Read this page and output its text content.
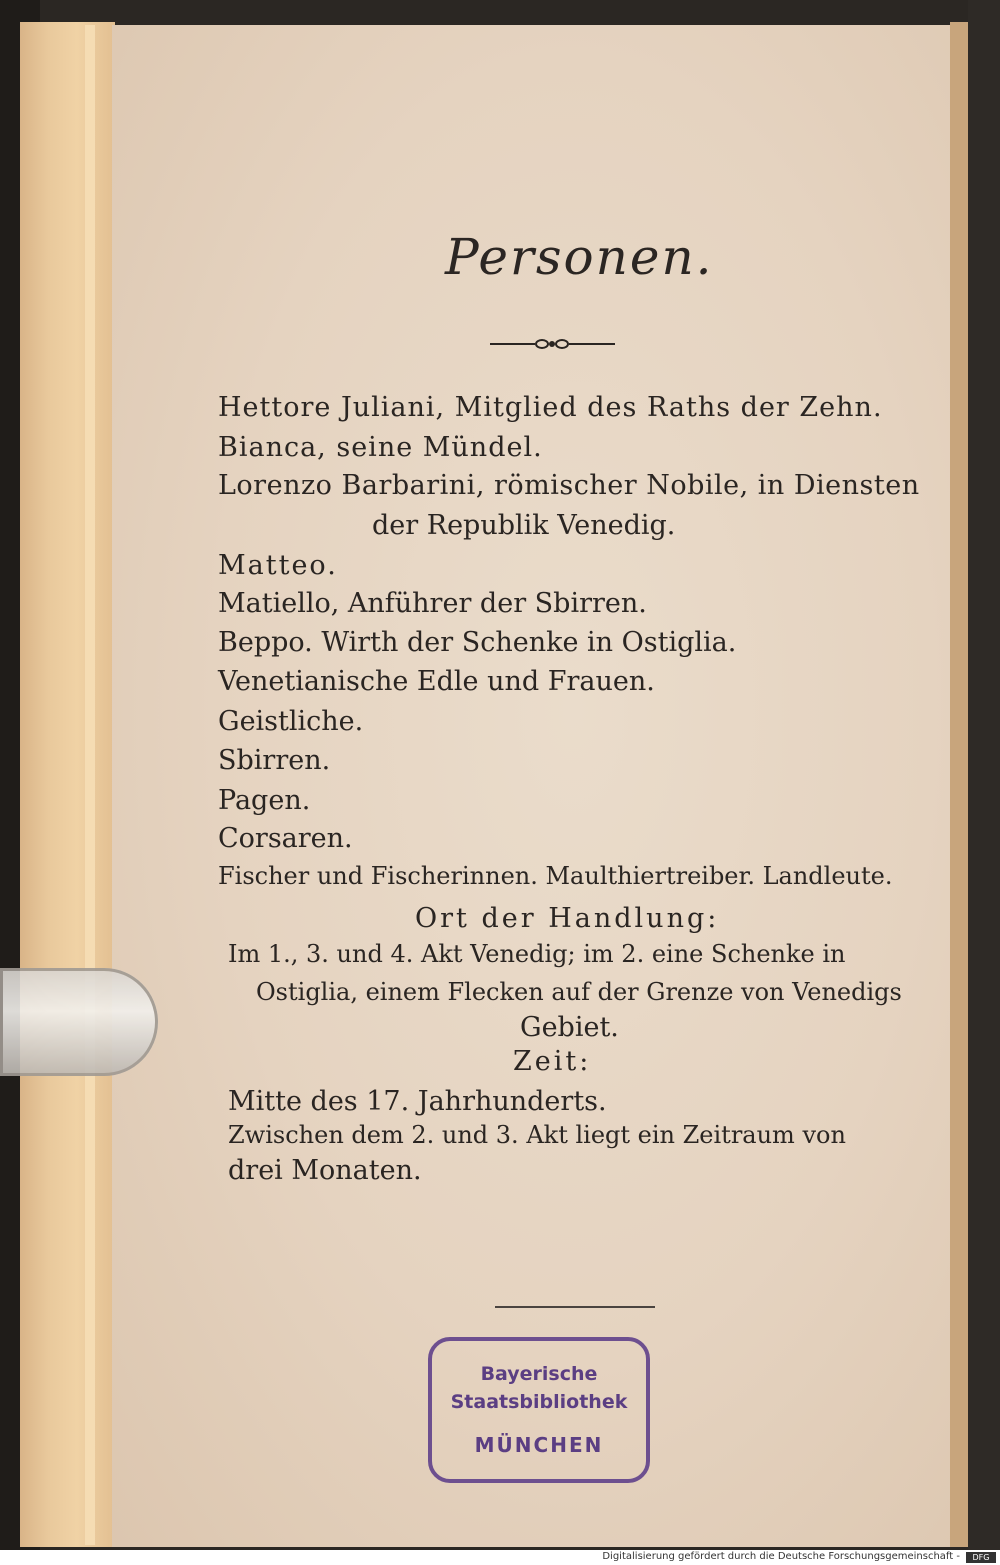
Personen.
Hettore Juliani, Mitglied des Raths der Zehn.
Bianca, seine Mündel.
Lorenzo Barbarini, römischer Nobile, in Diensten
der Republik Venedig.
Matteo.
Matiello, Anführer der Sbirren.
Beppo. Wirth der Schenke in Ostiglia.
Venetianische Edle und Frauen.
Geistliche.
Sbirren.
Pagen.
Corsaren.
Fischer und Fischerinnen. Maulthiertreiber. Landleute.
Ort der Handlung:
Im 1., 3. und 4. Akt Venedig; im 2. eine Schenke in
Ostiglia, einem Flecken auf der Grenze von Venedigs
Gebiet.
Zeit:
Mitte des 17. Jahrhunderts.
Zwischen dem 2. und 3. Akt liegt ein Zeitraum von
drei Monaten.
Bayerische
Staatsbibliothek
MÜNCHEN
Digitalisierung gefördert durch die Deutsche Forschungsgemeinschaft -	DFG
